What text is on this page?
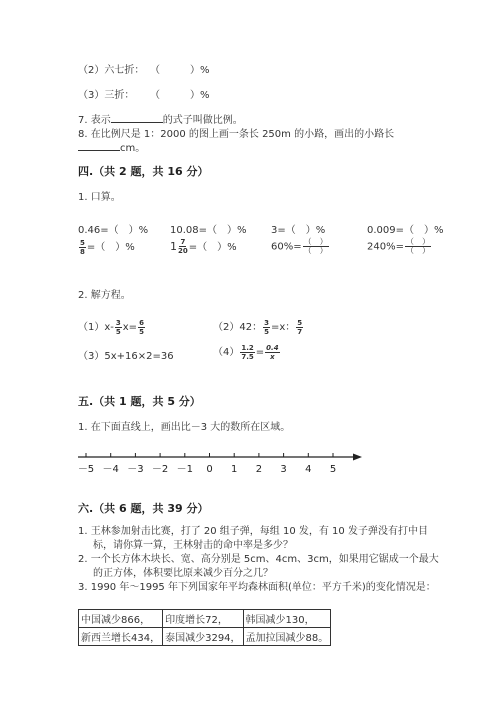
（2）六七折： （　　　）%
（3）三折： （　　　）%
7. 表示	的式子叫做比例。
8. 在比例尺是 1：2000 的图上画一条长 250m 的小路，画出的小路长
cm。
四.（共 2 题，共 16 分）
1. 口算。
0.46=（　）% 10.08=（　）% 3=（　）%	0.009=（　）%
$\frac{5}{8}$ =（　）%	$1 \frac{7}{20}$ =（　）%	$60\%= \frac{( )}{( )}$	$240\%= \frac{( )}{( )}$
2. 解方程。
$(1)x- \frac{3}{5} x= \frac{6}{5}$	（2）42： $\frac{3}{5} =x$： $\frac{5}{7}$
（3）5x+16×2=36	$(4) \frac{1.2}{7.5} = \frac{0.4}{x}$
五.（共 1 题，共 5 分）
1. 在下面直线上，画出比－3 大的数所在区域。
－5 －4 －3 －2 －1 0 1 2 3 4 5
六.（共 6 题，共 39 分）
1. 王林参加射击比赛，打了 20 组子弹，每组 10 发，有 10 发子弹没有打中目
标，请你算一算，王林射击的命中率是多少？
2. 一个长方体木块长、宽、高分别是 5cm、4cm、3cm，如果用它锯成一个最大
的正方体，体积要比原来减少百分之几？
3. 1990 年～1995 年下列国家年平均森林面积(单位：平方千米)的变化情况是：
中国减少866，	印度增长72，	韩国减少130，
新西兰增长434，	泰国减少3294，	孟加拉国减少88。
